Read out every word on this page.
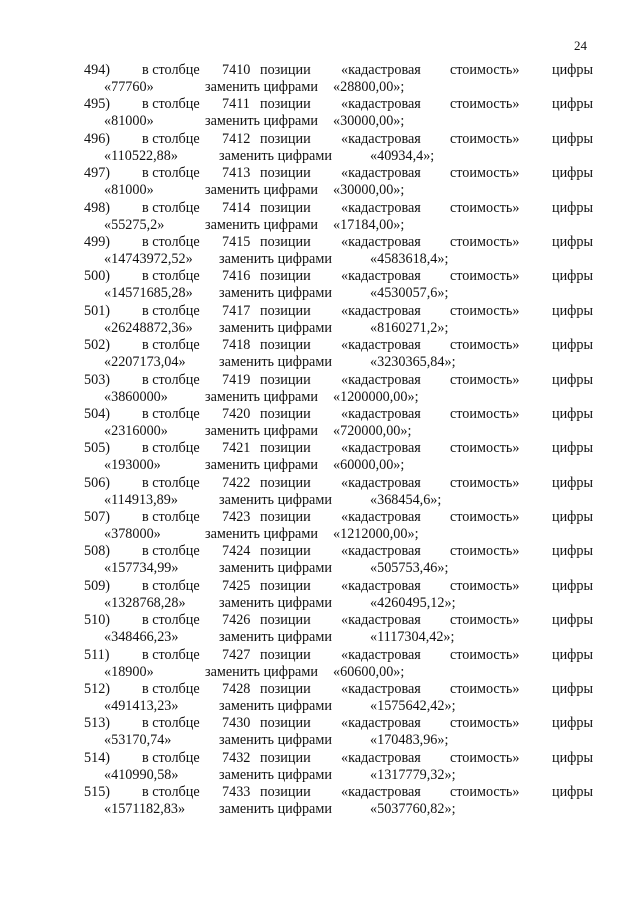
24
494) в столбце 7410 позиции «кадастровая стоимость» цифры
«77760»	заменить цифрами «28800,00»;
495) в столбце 7411 позиции «кадастровая стоимость» цифры
«81000»	заменить цифрами «30000,00»;
496) в столбце 7412 позиции «кадастровая стоимость» цифры
«110522,88»	заменить цифрами	«40934,4»;
497) в столбце 7413 позиции «кадастровая стоимость» цифры
«81000»	заменить цифрами «30000,00»;
498) в столбце 7414 позиции «кадастровая стоимость» цифры
«55275,2»	заменить цифрами «17184,00»;
499) в столбце 7415 позиции «кадастровая стоимость» цифры
«14743972,52» заменить цифрами	«4583618,4»;
500) в столбце 7416 позиции «кадастровая стоимость» цифры
«14571685,28» заменить цифрами	«4530057,6»;
501) в столбце 7417 позиции «кадастровая стоимость» цифры
«26248872,36» заменить цифрами	«8160271,2»;
502) в столбце 7418 позиции «кадастровая стоимость» цифры
«2207173,04» заменить цифрами	«3230365,84»;
503) в столбце 7419 позиции «кадастровая стоимость» цифры
«3860000»	заменить цифрами «1200000,00»;
504) в столбце 7420 позиции «кадастровая стоимость» цифры
«2316000»	заменить цифрами «720000,00»;
505) в столбце 7421 позиции «кадастровая стоимость» цифры
«193000»	заменить цифрами «60000,00»;
506) в столбце 7422 позиции «кадастровая стоимость» цифры
«114913,89»	заменить цифрами	«368454,6»;
507) в столбце 7423 позиции «кадастровая стоимость» цифры
«378000»	заменить цифрами «1212000,00»;
508) в столбце 7424 позиции «кадастровая стоимость» цифры
«157734,99»	заменить цифрами	«505753,46»;
509) в столбце 7425 позиции «кадастровая стоимость» цифры
«1328768,28» заменить цифрами	«4260495,12»;
510) в столбце 7426 позиции «кадастровая стоимость» цифры
«348466,23»	заменить цифрами	«1117304,42»;
511) в столбце 7427 позиции «кадастровая стоимость» цифры
«18900»	заменить цифрами «60600,00»;
512) в столбце 7428 позиции «кадастровая стоимость» цифры
«491413,23»	заменить цифрами	«1575642,42»;
513) в столбце 7430 позиции «кадастровая стоимость» цифры
«53170,74»	заменить цифрами	«170483,96»;
514) в столбце 7432 позиции «кадастровая стоимость» цифры
«410990,58»	заменить цифрами	«1317779,32»;
515) в столбце 7433 позиции «кадастровая стоимость» цифры
«1571182,83» заменить цифрами	«5037760,82»;
